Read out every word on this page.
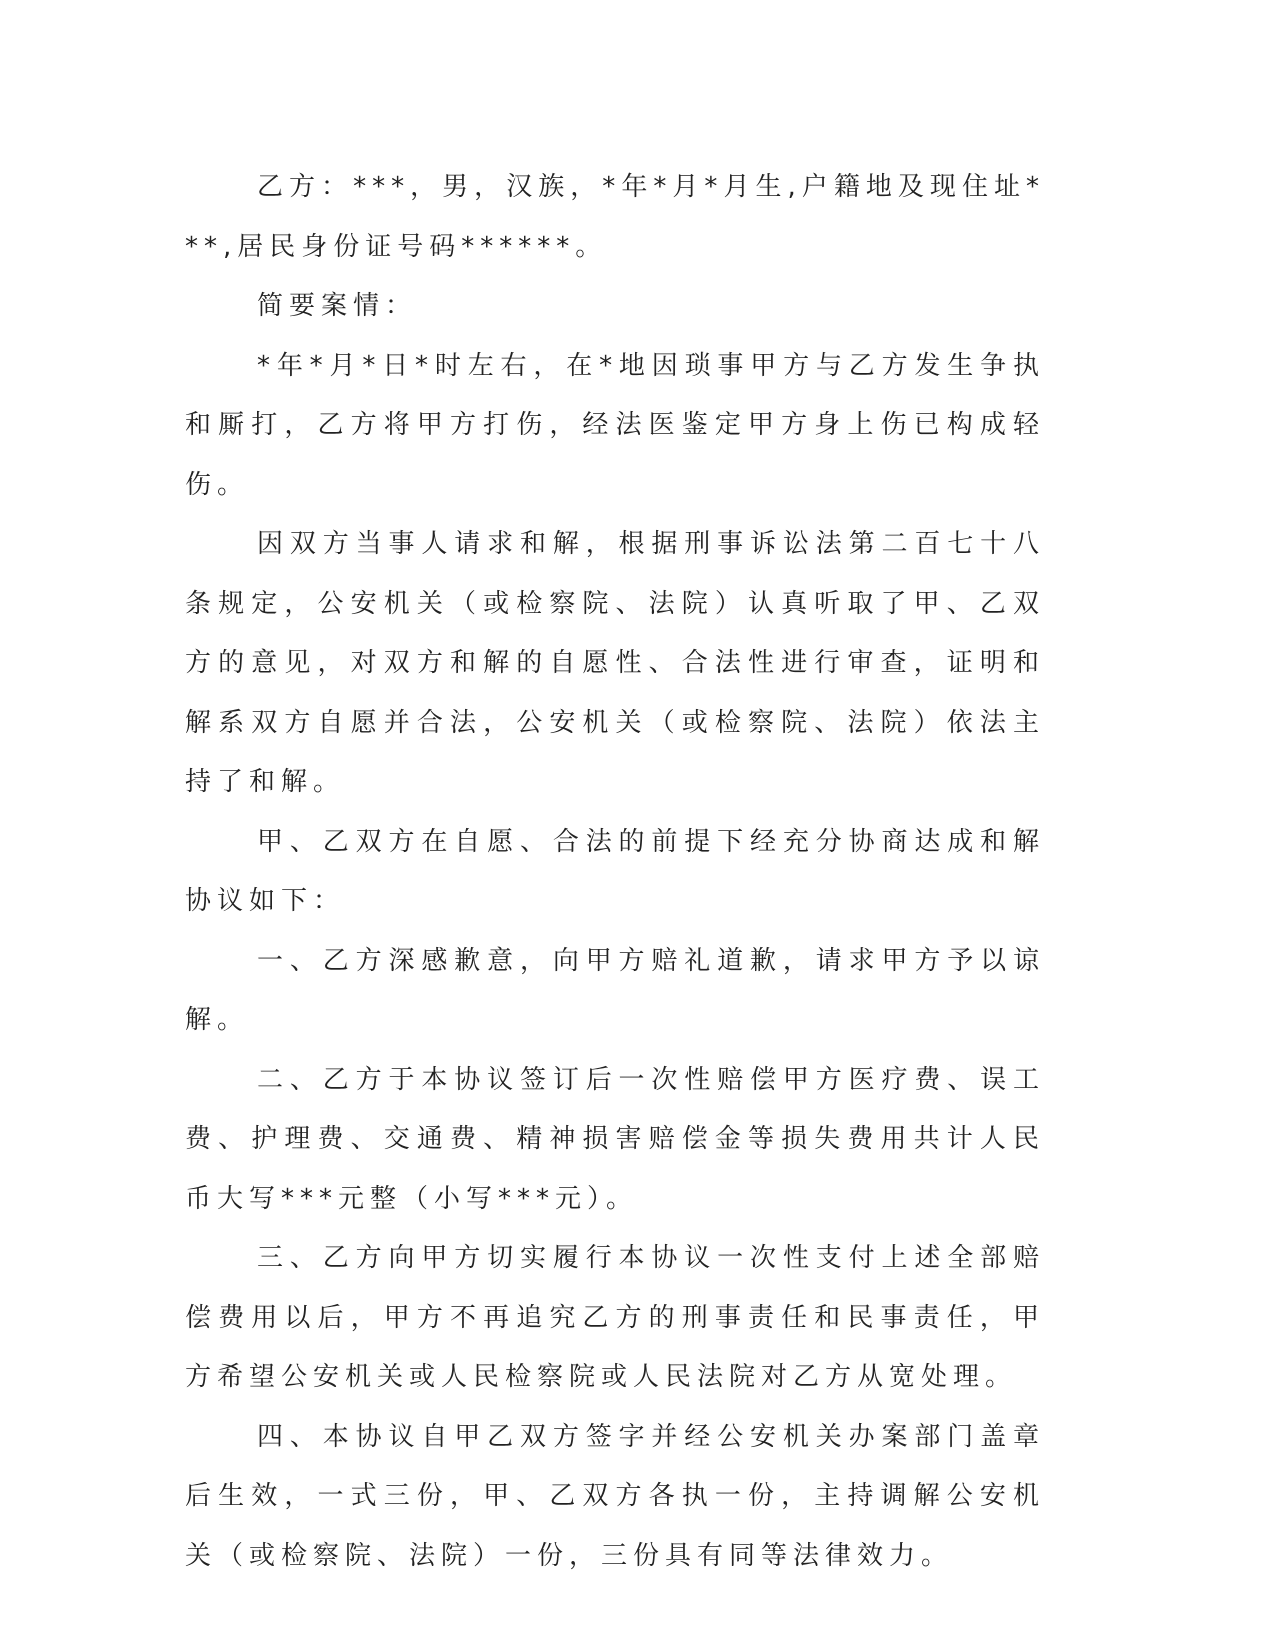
乙方：***，男，汉族，*年*月*月生,户籍地及现住址***,居民身份证号码******。

简要案情：

*年*月*日*时左右，在*地因琐事甲方与乙方发生争执和厮打，乙方将甲方打伤，经法医鉴定甲方身上伤已构成轻伤。

因双方当事人请求和解，根据刑事诉讼法第二百七十八条规定，公安机关（或检察院、法院）认真听取了甲、乙双方的意见，对双方和解的自愿性、合法性进行审查，证明和解系双方自愿并合法，公安机关（或检察院、法院）依法主持了和解。

甲、乙双方在自愿、合法的前提下经充分协商达成和解协议如下：

一、乙方深感歉意，向甲方赔礼道歉，请求甲方予以谅解。

二、乙方于本协议签订后一次性赔偿甲方医疗费、误工费、护理费、交通费、精神损害赔偿金等损失费用共计人民币大写***元整（小写***元）。

三、乙方向甲方切实履行本协议一次性支付上述全部赔偿费用以后，甲方不再追究乙方的刑事责任和民事责任，甲方希望公安机关或人民检察院或人民法院对乙方从宽处理。

四、本协议自甲乙双方签字并经公安机关办案部门盖章后生效，一式三份，甲、乙双方各执一份，主持调解公安机关（或检察院、法院）一份，三份具有同等法律效力。
